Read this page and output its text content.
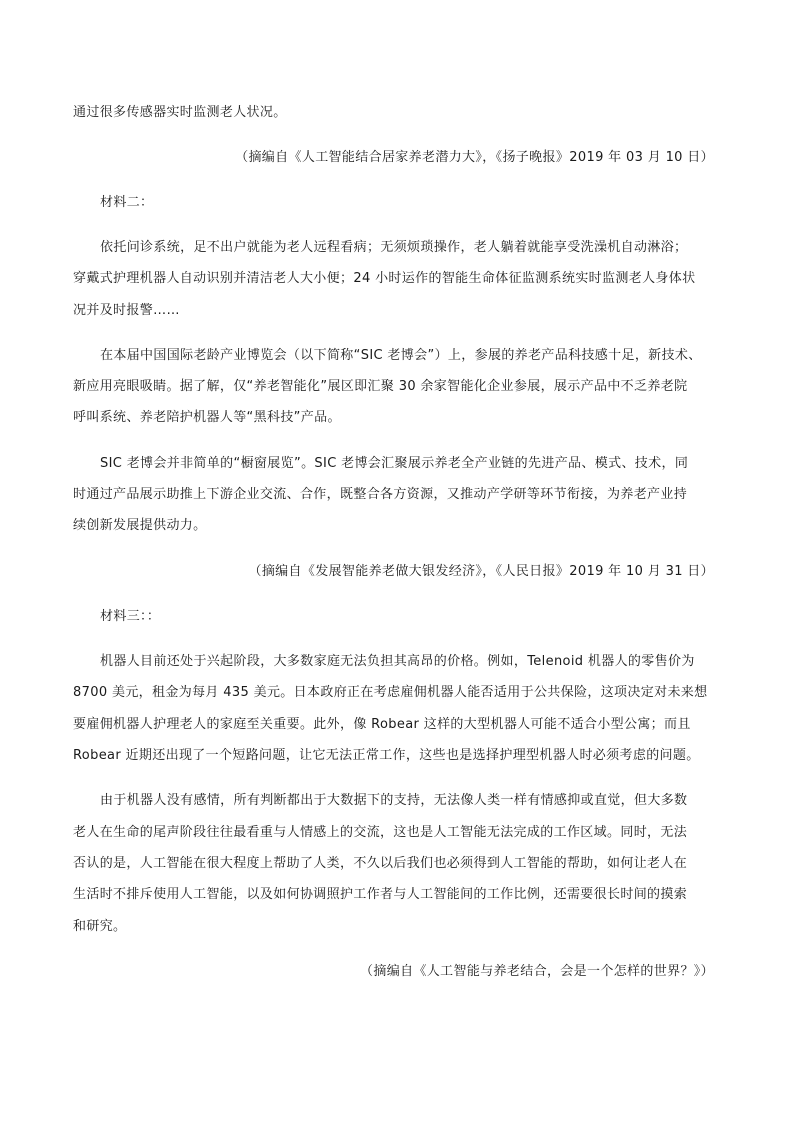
通过很多传感器实时监测老人状况。
（摘编自《人工智能结合居家养老潜力大》，《扬子晚报》2019 年 03 月 10 日）
材料二：
依托问诊系统，足不出户就能为老人远程看病；无须烦琐操作，老人躺着就能享受洗澡机自动淋浴；
穿戴式护理机器人自动识别并清洁老人大小便；24 小时运作的智能生命体征监测系统实时监测老人身体状
况并及时报警……
在本届中国国际老龄产业博览会（以下简称“SIC 老博会”）上，参展的养老产品科技感十足，新技术、
新应用亮眼吸睛。据了解，仅“养老智能化”展区即汇聚 30 余家智能化企业参展，展示产品中不乏养老院
呼叫系统、养老陪护机器人等“黑科技”产品。
SIC 老博会并非简单的“橱窗展览”。SIC 老博会汇聚展示养老全产业链的先进产品、模式、技术，同
时通过产品展示助推上下游企业交流、合作，既整合各方资源，又推动产学研等环节衔接，为养老产业持
续创新发展提供动力。
（摘编自《发展智能养老做大银发经济》，《人民日报》2019 年 10 月 31 日）
材料三：：
机器人目前还处于兴起阶段，大多数家庭无法负担其高昂的价格。例如，Telenoid 机器人的零售价为
8700 美元，租金为每月 435 美元。日本政府正在考虑雇佣机器人能否适用于公共保险，这项决定对未来想
要雇佣机器人护理老人的家庭至关重要。此外，像 Robear 这样的大型机器人可能不适合小型公寓；而且
Robear 近期还出现了一个短路问题，让它无法正常工作，这些也是选择护理型机器人时必须考虑的问题。
由于机器人没有感情，所有判断都出于大数据下的支持，无法像人类一样有情感抑或直觉，但大多数
老人在生命的尾声阶段往往最看重与人情感上的交流，这也是人工智能无法完成的工作区域。同时，无法
否认的是，人工智能在很大程度上帮助了人类，不久以后我们也必须得到人工智能的帮助，如何让老人在
生活时不排斥使用人工智能，以及如何协调照护工作者与人工智能间的工作比例，还需要很长时间的摸索
和研究。
（摘编自《人工智能与养老结合，会是一个怎样的世界？》）
